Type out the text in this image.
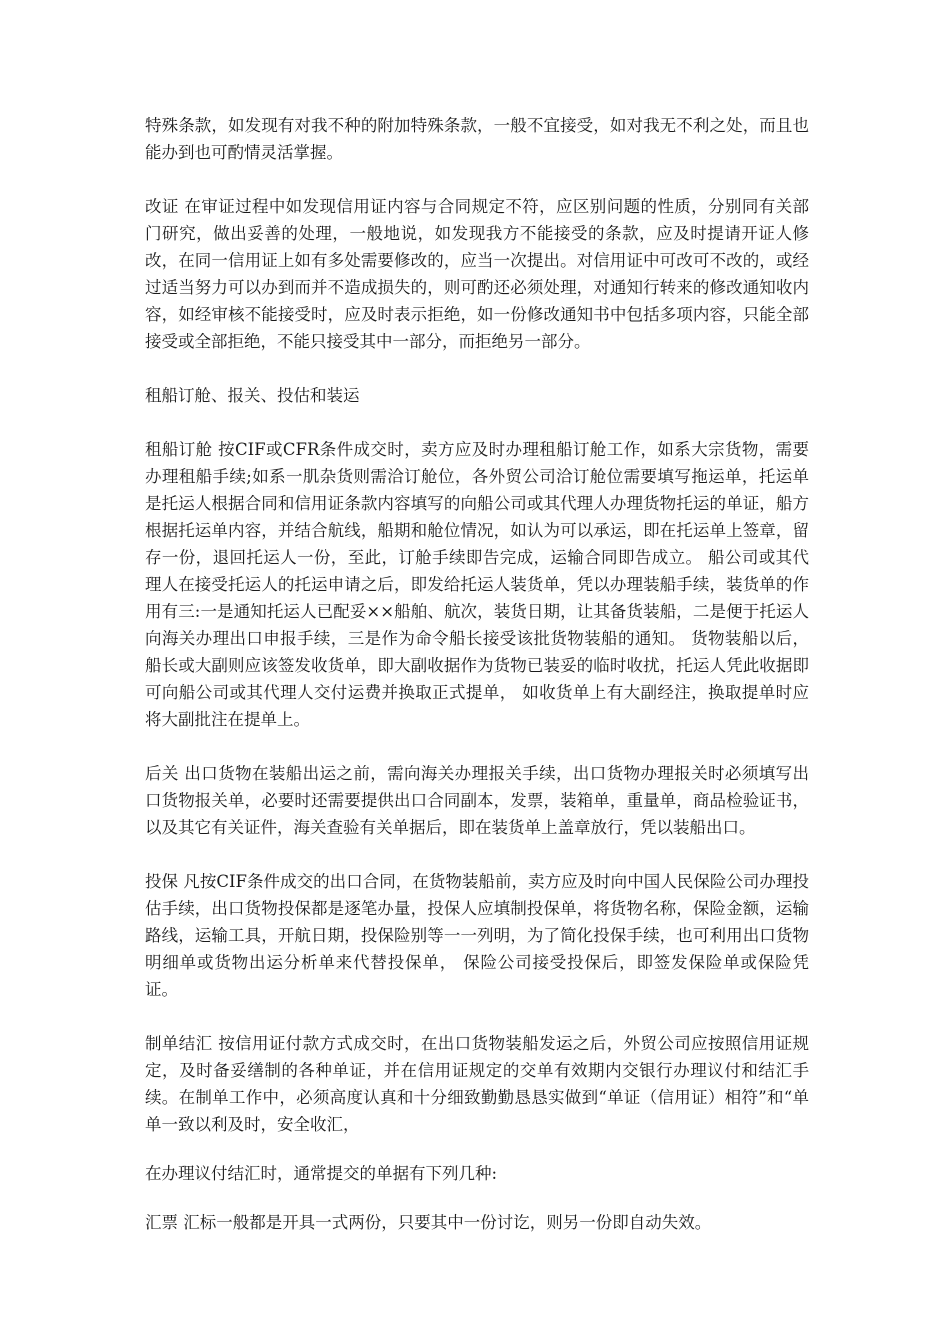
特殊条款，如发现有对我不种的附加特殊条款，一般不宜接受，如对我无不利之处，而且也能办到也可酌情灵活掌握。

改证 在审证过程中如发现信用证内容与合同规定不符，应区别问题的性质，分别同有关部门研究，做出妥善的处理，一般地说，如发现我方不能接受的条款，应及时提请开证人修改，在同一信用证上如有多处需要修改的，应当一次提出。对信用证中可改可不改的，或经过适当努力可以办到而并不造成损失的，则可酌还必须处理，对通知行转来的修改通知收内容，如经审核不能接受时，应及时表示拒绝，如一份修改通知书中包括多项内容，只能全部接受或全部拒绝，不能只接受其中一部分，而拒绝另一部分。

租船订舱、报关、投估和装运

租船订舱 按CIF或CFR条件成交时，卖方应及时办理租船订舱工作，如系大宗货物，需要办理租船手续;如系一肌杂货则需洽订舱位，各外贸公司洽订舱位需要填写拖运单，托运单是托运人根据合同和信用证条款内容填写的向船公司或其代理人办理货物托运的单证，船方根据托运单内容，并结合航线，船期和舱位情况，如认为可以承运，即在托运单上签章，留存一份，退回托运人一份，至此，订舱手续即告完成，运输合同即告成立。 船公司或其代理人在接受托运人的托运申请之后，即发给托运人装货单，凭以办理装船手续，装货单的作用有三:一是通知托运人已配妥××船舶、航次，装货日期，让其备货装船，二是便于托运人向海关办理出口申报手续，三是作为命令船长接受该批货物装船的通知。 货物装船以后，船长或大副则应该签发收货单，即大副收据作为货物已装妥的临时收扰，托运人凭此收据即可向船公司或其代理人交付运费并换取正式提单， 如收货单上有大副经注，换取提单时应将大副批注在提单上。

后关 出口货物在装船出运之前，需向海关办理报关手续，出口货物办理报关时必须填写出口货物报关单，必要时还需要提供出口合同副本，发票，装箱单，重量单，商品检验证书，以及其它有关证件，海关查验有关单据后，即在装货单上盖章放行，凭以装船出口。

投保 凡按CIF条件成交的出口合同，在货物装船前，卖方应及时向中国人民保险公司办理投估手续，出口货物投保都是逐笔办量，投保人应填制投保单，将货物名称，保险金额，运输路线，运输工具，开航日期，投保险别等一一列明，为了简化投保手续，也可利用出口货物明细单或货物出运分析单来代替投保单， 保险公司接受投保后，即签发保险单或保险凭证。

制单结汇 按信用证付款方式成交时，在出口货物装船发运之后，外贸公司应按照信用证规定，及时备妥缮制的各种单证，并在信用证规定的交单有效期内交银行办理议付和结汇手续。在制单工作中，必须高度认真和十分细致勤勤恳恳实做到“单证（信用证）相符”和“单单一致以利及时，安全收汇，

在办理议付结汇时，通常提交的单据有下列几种:

汇票 汇标一般都是开具一式两份，只要其中一份讨讫，则另一份即自动失效。
